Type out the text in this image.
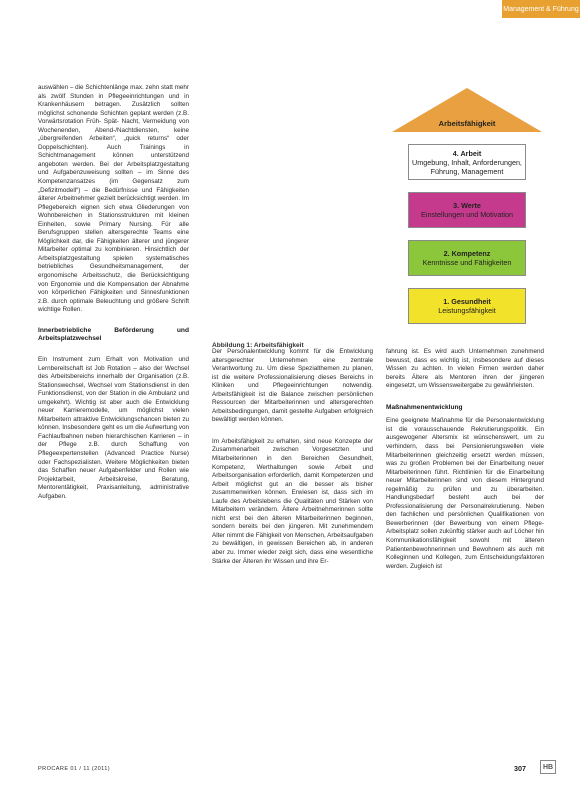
Management & Führung

auswählen – die Schichtenlänge max. zehn statt mehr als zwölf Stunden in Pflegeeinrichtungen und in Krankenhäusern betragen. Zusätzlich sollten möglichst schonende Schichten geplant werden (z.B. Vorwärtsrotation Früh- Spät- Nacht, Vermeidung von Wochenenden, Abend-/Nachtdiensten, keine „übergreifenden Arbeiten“, „quick returns“ oder Doppelschichten). Auch Trainings in Schichtmanagement können unterstützend angeboten werden. Bei der Arbeitsplatzgestaltung und Aufgabenzuweisung sollten – im Sinne des Kompetenzansatzes (im Gegensatz zum „Defizitmodell“) – die Bedürfnisse und Fähigkeiten älterer Arbeitnehmer gezielt berücksichtigt werden. Im Pflegebereich eignen sich etwa Gliederungen von Wohnbereichen in Stationsstrukturen mit kleinen Einheiten, sowie Primary Nursing. Für alle Berufsgruppen stellen altersgerechte Teams eine Möglichkeit dar, die Fähigkeiten älterer und jüngerer Mitarbeiter optimal zu kombinieren. Hinsichtlich der Arbeitsplatzgestaltung spielen systematisches betriebliches Gesundheitsmanagement, der ergonomische Arbeitsschutz, die Berücksichtigung von Ergonomie und die Kompensation der Abnahme von körperlichen Fähigkeiten und Sinnesfunktionen z.B. durch optimale Beleuchtung und größere Schrift wichtige Rollen.

Innerbetriebliche Beförderung und Arbeitsplatzwechsel

Ein Instrument zum Erhalt von Motivation und Lernbereitschaft ist Job Rotation – also der Wechsel des Arbeitsbereichs innerhalb der Organisation (z.B. Stationswechsel, Wechsel vom Stationsdienst in den Funktionsdienst, von der Station in die Ambulanz und umgekehrt). Wichtig ist aber auch die Entwicklung neuer Karrieremodelle, um möglichst vielen Mitarbeitern attraktive Entwicklungschancen bieten zu können. Insbesondere geht es um die Aufwertung von Fachlaufbahnen neben hierarchischen Karrieren – in der Pflege z.B. durch Schaffung von Pflegeexpertenstellen (Advanced Practice Nurse) oder Fachspezialisten. Weitere Möglichkeiten bieten das Schaffen neuer Aufgabenfelder und Rollen wie Projektarbeit, Arbeitskreise, Beratung, Mentorentätigkeit, Praxisanleitung, administrative Aufgaben.

Arbeitsfähigkeit
4. Arbeit
Umgebung, Inhalt, Anforderungen, Führung, Management
3. Werte
Einstellungen und Motivation
2. Kompetenz
Kenntnisse und Fähigkeiten
1. Gesundheit
Leistungsfähigkeit
Abbildung 1: Arbeitsfähigkeit

Der Personalentwicklung kommt für die Entwicklung altersgerechter Unternehmen eine zentrale Verantwortung zu. Um diese Spezialthemen zu planen, ist die weitere Professionalisierung dieses Bereichs in Kliniken und Pflegeeinrichtungen notwendig. Arbeitsfähigkeit ist die Balance zwischen persönlichen Ressourcen der Mitarbeiterinnen und altersgerechten Arbeitsbedingungen, damit gestellte Aufgaben erfolgreich bewältigt werden können.

Im Arbeitsfähigkeit zu erhalten, sind neue Konzepte der Zusammenarbeit zwischen Vorgesetzten und Mitarbeiterinnen in den Bereichen Gesundheit, Kompetenz, Werthaltungen sowie Arbeit und Arbeitsorganisation erforderlich, damit Kompetenzen und Arbeit möglichst gut an die besser als bisher zusammenwirken können. Erwiesen ist, dass sich im Laufe des Arbeitslebens die Qualitäten und Stärken von Mitarbeitern verändern. Ältere Arbeitnehmerinnen sollte nicht erst bei den älteren Mitarbeiterinnen beginnen, sondern bereits bei den jüngeren. Mit zunehmendem Alter nimmt die Fähigkeit von Menschen, Arbeitsaufgaben zu bewältigen, in gewissen Bereichen ab, in anderen aber zu. Immer wieder zeigt sich, dass eine wesentliche Stärke der Älteren ihr Wissen und ihre Er-

fahrung ist. Es wird auch Unternehmen zunehmend bewusst, dass es wichtig ist, insbesondere auf dieses Wissen zu achten. In vielen Firmen werden daher bereits Ältere als Mentoren ihren der jüngeren eingesetzt, um Wissensweitergabe zu gewährleisten.

Maßnahmenentwicklung

Eine geeignete Maßnahme für die Personalentwicklung ist die vorausschauende Rekrutierungspolitik. Ein ausgewogener Altersmix ist wünschenswert, um zu verhindern, dass bei Pensionierungswellen viele Mitarbeiterinnen gleichzeitig ersetzt werden müssen, was zu großen Problemen bei der Einarbeitung neuer Mitarbeiterinnen führt. Richtlinien für die Einarbeitung neuer Mitarbeiterinnen sind von diesem Hintergrund regelmäßig zu prüfen und zu überarbeiten. Handlungsbedarf besteht auch bei der Professionalisierung der Personalrekrutierung. Neben den fachlichen und persönlichen Qualifikationen von Bewerberinnen (der Bewerbung von einem Pflege-Arbeitsplatz sollen zukünftig stärker auch auf Löcher hin Kommunikationsfähigkeit sowohl mit älteren Patientenbewohnerinnen und Bewohnern als auch mit Kolleginnen und Kollegen, zum Entscheidungsfaktoren werden. Zugleich ist

PROCARE 01 / 11 (2011)	307	HB
